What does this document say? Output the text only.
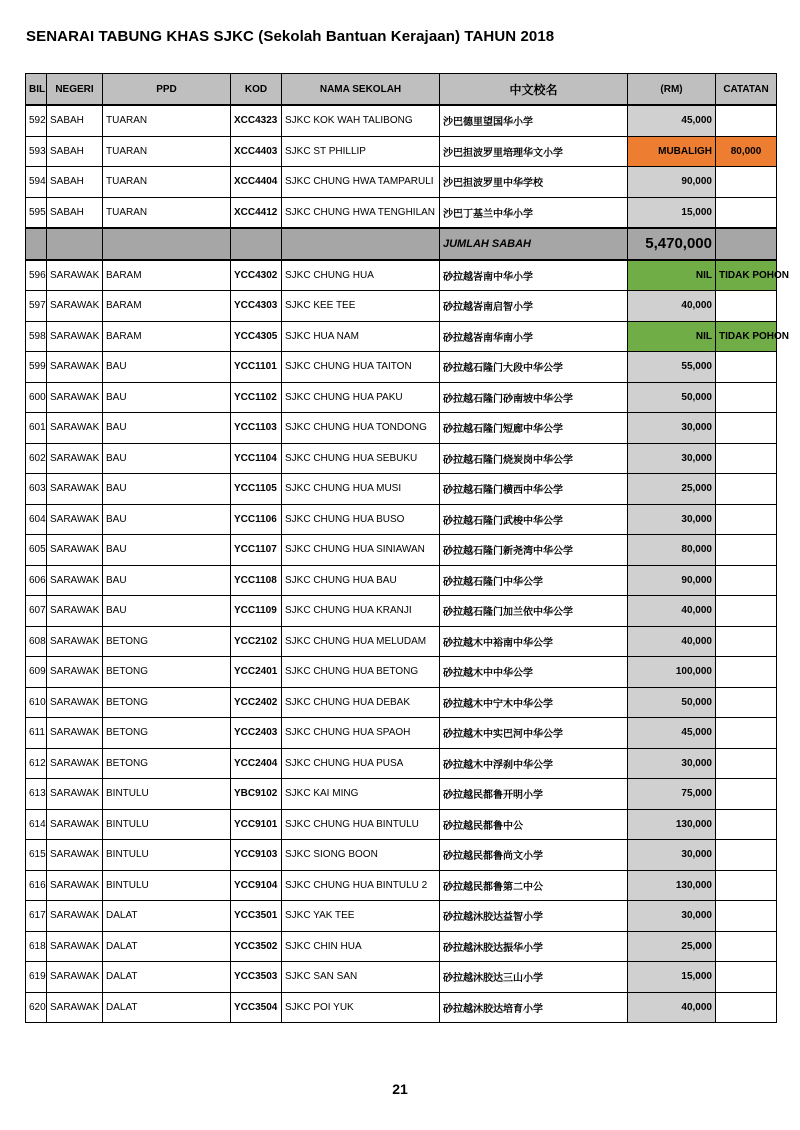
SENARAI TABUNG KHAS SJKC (Sekolah Bantuan Kerajaan) TAHUN 2018
BIL	NEGERI	PPD	KOD	NAMA SEKOLAH	中文校名	(RM)	CATATAN
592	SABAH	TUARAN	XCC4323	SJKC KOK WAH TALIBONG	沙巴德里望国华小学	45,000	
593	SABAH	TUARAN	XCC4403	SJKC ST PHILLIP	沙巴担波罗里培理华文小学	MUBALIGH	80,000
594	SABAH	TUARAN	XCC4404	SJKC CHUNG HWA TAMPARULI	沙巴担波罗里中华学校	90,000	
595	SABAH	TUARAN	XCC4412	SJKC CHUNG HWA TENGHILAN	沙巴丁基兰中华小学	15,000	
					JUMLAH SABAH	5,470,000	
596	SARAWAK	BARAM	YCC4302	SJKC CHUNG HUA	砂拉越峇南中华小学	NIL	TIDAK POHON
597	SARAWAK	BARAM	YCC4303	SJKC KEE TEE	砂拉越峇南启智小学	40,000	
598	SARAWAK	BARAM	YCC4305	SJKC HUA NAM	砂拉越峇南华南小学	NIL	TIDAK POHON
599	SARAWAK	BAU	YCC1101	SJKC CHUNG HUA TAITON	砂拉越石隆门大段中华公学	55,000	
600	SARAWAK	BAU	YCC1102	SJKC CHUNG HUA PAKU	砂拉越石隆门砂南坡中华公学	50,000	
601	SARAWAK	BAU	YCC1103	SJKC CHUNG HUA TONDONG	砂拉越石隆门短廊中华公学	30,000	
602	SARAWAK	BAU	YCC1104	SJKC CHUNG HUA SEBUKU	砂拉越石隆门烧炭岗中华公学	30,000	
603	SARAWAK	BAU	YCC1105	SJKC CHUNG HUA MUSI	砂拉越石隆门横西中华公学	25,000	
604	SARAWAK	BAU	YCC1106	SJKC CHUNG HUA BUSO	砂拉越石隆门武梭中华公学	30,000	
605	SARAWAK	BAU	YCC1107	SJKC CHUNG HUA SINIAWAN	砂拉越石隆门新尧湾中华公学	80,000	
606	SARAWAK	BAU	YCC1108	SJKC CHUNG HUA BAU	砂拉越石隆门中华公学	90,000	
607	SARAWAK	BAU	YCC1109	SJKC CHUNG HUA KRANJI	砂拉越石隆门加兰依中华公学	40,000	
608	SARAWAK	BETONG	YCC2102	SJKC CHUNG HUA MELUDAM	砂拉越木中裕南中华公学	40,000	
609	SARAWAK	BETONG	YCC2401	SJKC CHUNG HUA BETONG	砂拉越木中中华公学	100,000	
610	SARAWAK	BETONG	YCC2402	SJKC CHUNG HUA DEBAK	砂拉越木中宁木中华公学	50,000	
611	SARAWAK	BETONG	YCC2403	SJKC CHUNG HUA SPAOH	砂拉越木中实巴河中华公学	45,000	
612	SARAWAK	BETONG	YCC2404	SJKC CHUNG HUA PUSA	砂拉越木中浮刹中华公学	30,000	
613	SARAWAK	BINTULU	YBC9102	SJKC KAI MING	砂拉越民都鲁开明小学	75,000	
614	SARAWAK	BINTULU	YCC9101	SJKC CHUNG HUA BINTULU	砂拉越民都鲁中公	130,000	
615	SARAWAK	BINTULU	YCC9103	SJKC SIONG BOON	砂拉越民都鲁尚文小学	30,000	
616	SARAWAK	BINTULU	YCC9104	SJKC CHUNG HUA BINTULU 2	砂拉越民都鲁第二中公	130,000	
617	SARAWAK	DALAT	YCC3501	SJKC YAK TEE	砂拉越沐胶达益智小学	30,000	
618	SARAWAK	DALAT	YCC3502	SJKC CHIN HUA	砂拉越沐胶达振华小学	25,000	
619	SARAWAK	DALAT	YCC3503	SJKC SAN SAN	砂拉越沐胶达三山小学	15,000	
620	SARAWAK	DALAT	YCC3504	SJKC POI YUK	砂拉越沐胶达培育小学	40,000	
21
